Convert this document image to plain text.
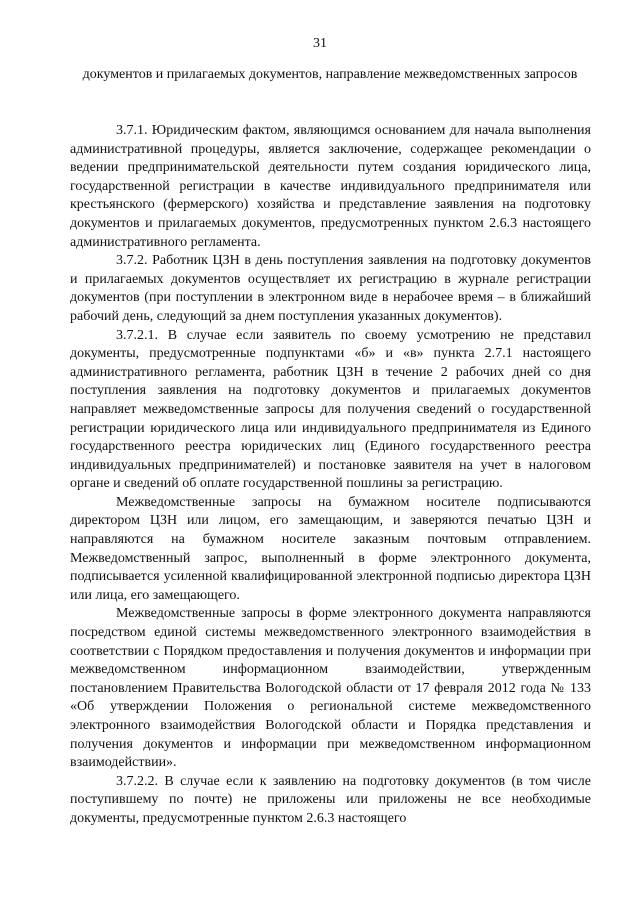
31
документов и прилагаемых документов, направление межведомственных запросов

3.7.1. Юридическим фактом, являющимся основанием для начала выполнения административной процедуры, является заключение, содержащее рекомендации о ведении предпринимательской деятельности путем создания юридического лица, государственной регистрации в качестве индивидуального предпринимателя или крестьянского (фермерского) хозяйства и представление заявления на подготовку документов и прилагаемых документов, предусмотренных пунктом 2.6.3 настоящего административного регламента.

3.7.2. Работник ЦЗН в день поступления заявления на подготовку документов и прилагаемых документов осуществляет их регистрацию в журнале регистрации документов (при поступлении в электронном виде в нерабочее время – в ближайший рабочий день, следующий за днем поступления указанных документов).

3.7.2.1. В случае если заявитель по своему усмотрению не представил документы, предусмотренные подпунктами «б» и «в» пункта 2.7.1 настоящего административного регламента, работник ЦЗН в течение 2 рабочих дней со дня поступления заявления на подготовку документов и прилагаемых документов направляет межведомственные запросы для получения сведений о государственной регистрации юридического лица или индивидуального предпринимателя из Единого государственного реестра юридических лиц (Единого государственного реестра индивидуальных предпринимателей) и постановке заявителя на учет в налоговом органе и сведений об оплате государственной пошлины за регистрацию.

Межведомственные запросы на бумажном носителе подписываются директором ЦЗН или лицом, его замещающим, и заверяются печатью ЦЗН и направляются на бумажном носителе заказным почтовым отправлением. Межведомственный запрос, выполненный в форме электронного документа, подписывается усиленной квалифицированной электронной подписью директора ЦЗН или лица, его замещающего.

Межведомственные запросы в форме электронного документа направляются посредством единой системы межведомственного электронного взаимодействия в соответствии с Порядком предоставления и получения документов и информации при межведомственном информационном взаимодействии, утвержденным постановлением Правительства Вологодской области от 17 февраля 2012 года № 133 «Об утверждении Положения о региональной системе межведомственного электронного взаимодействия Вологодской области и Порядка представления и получения документов и информации при межведомственном информационном взаимодействии».

3.7.2.2. В случае если к заявлению на подготовку документов (в том числе поступившему по почте) не приложены или приложены не все необходимые документы, предусмотренные пунктом 2.6.3 настоящего
